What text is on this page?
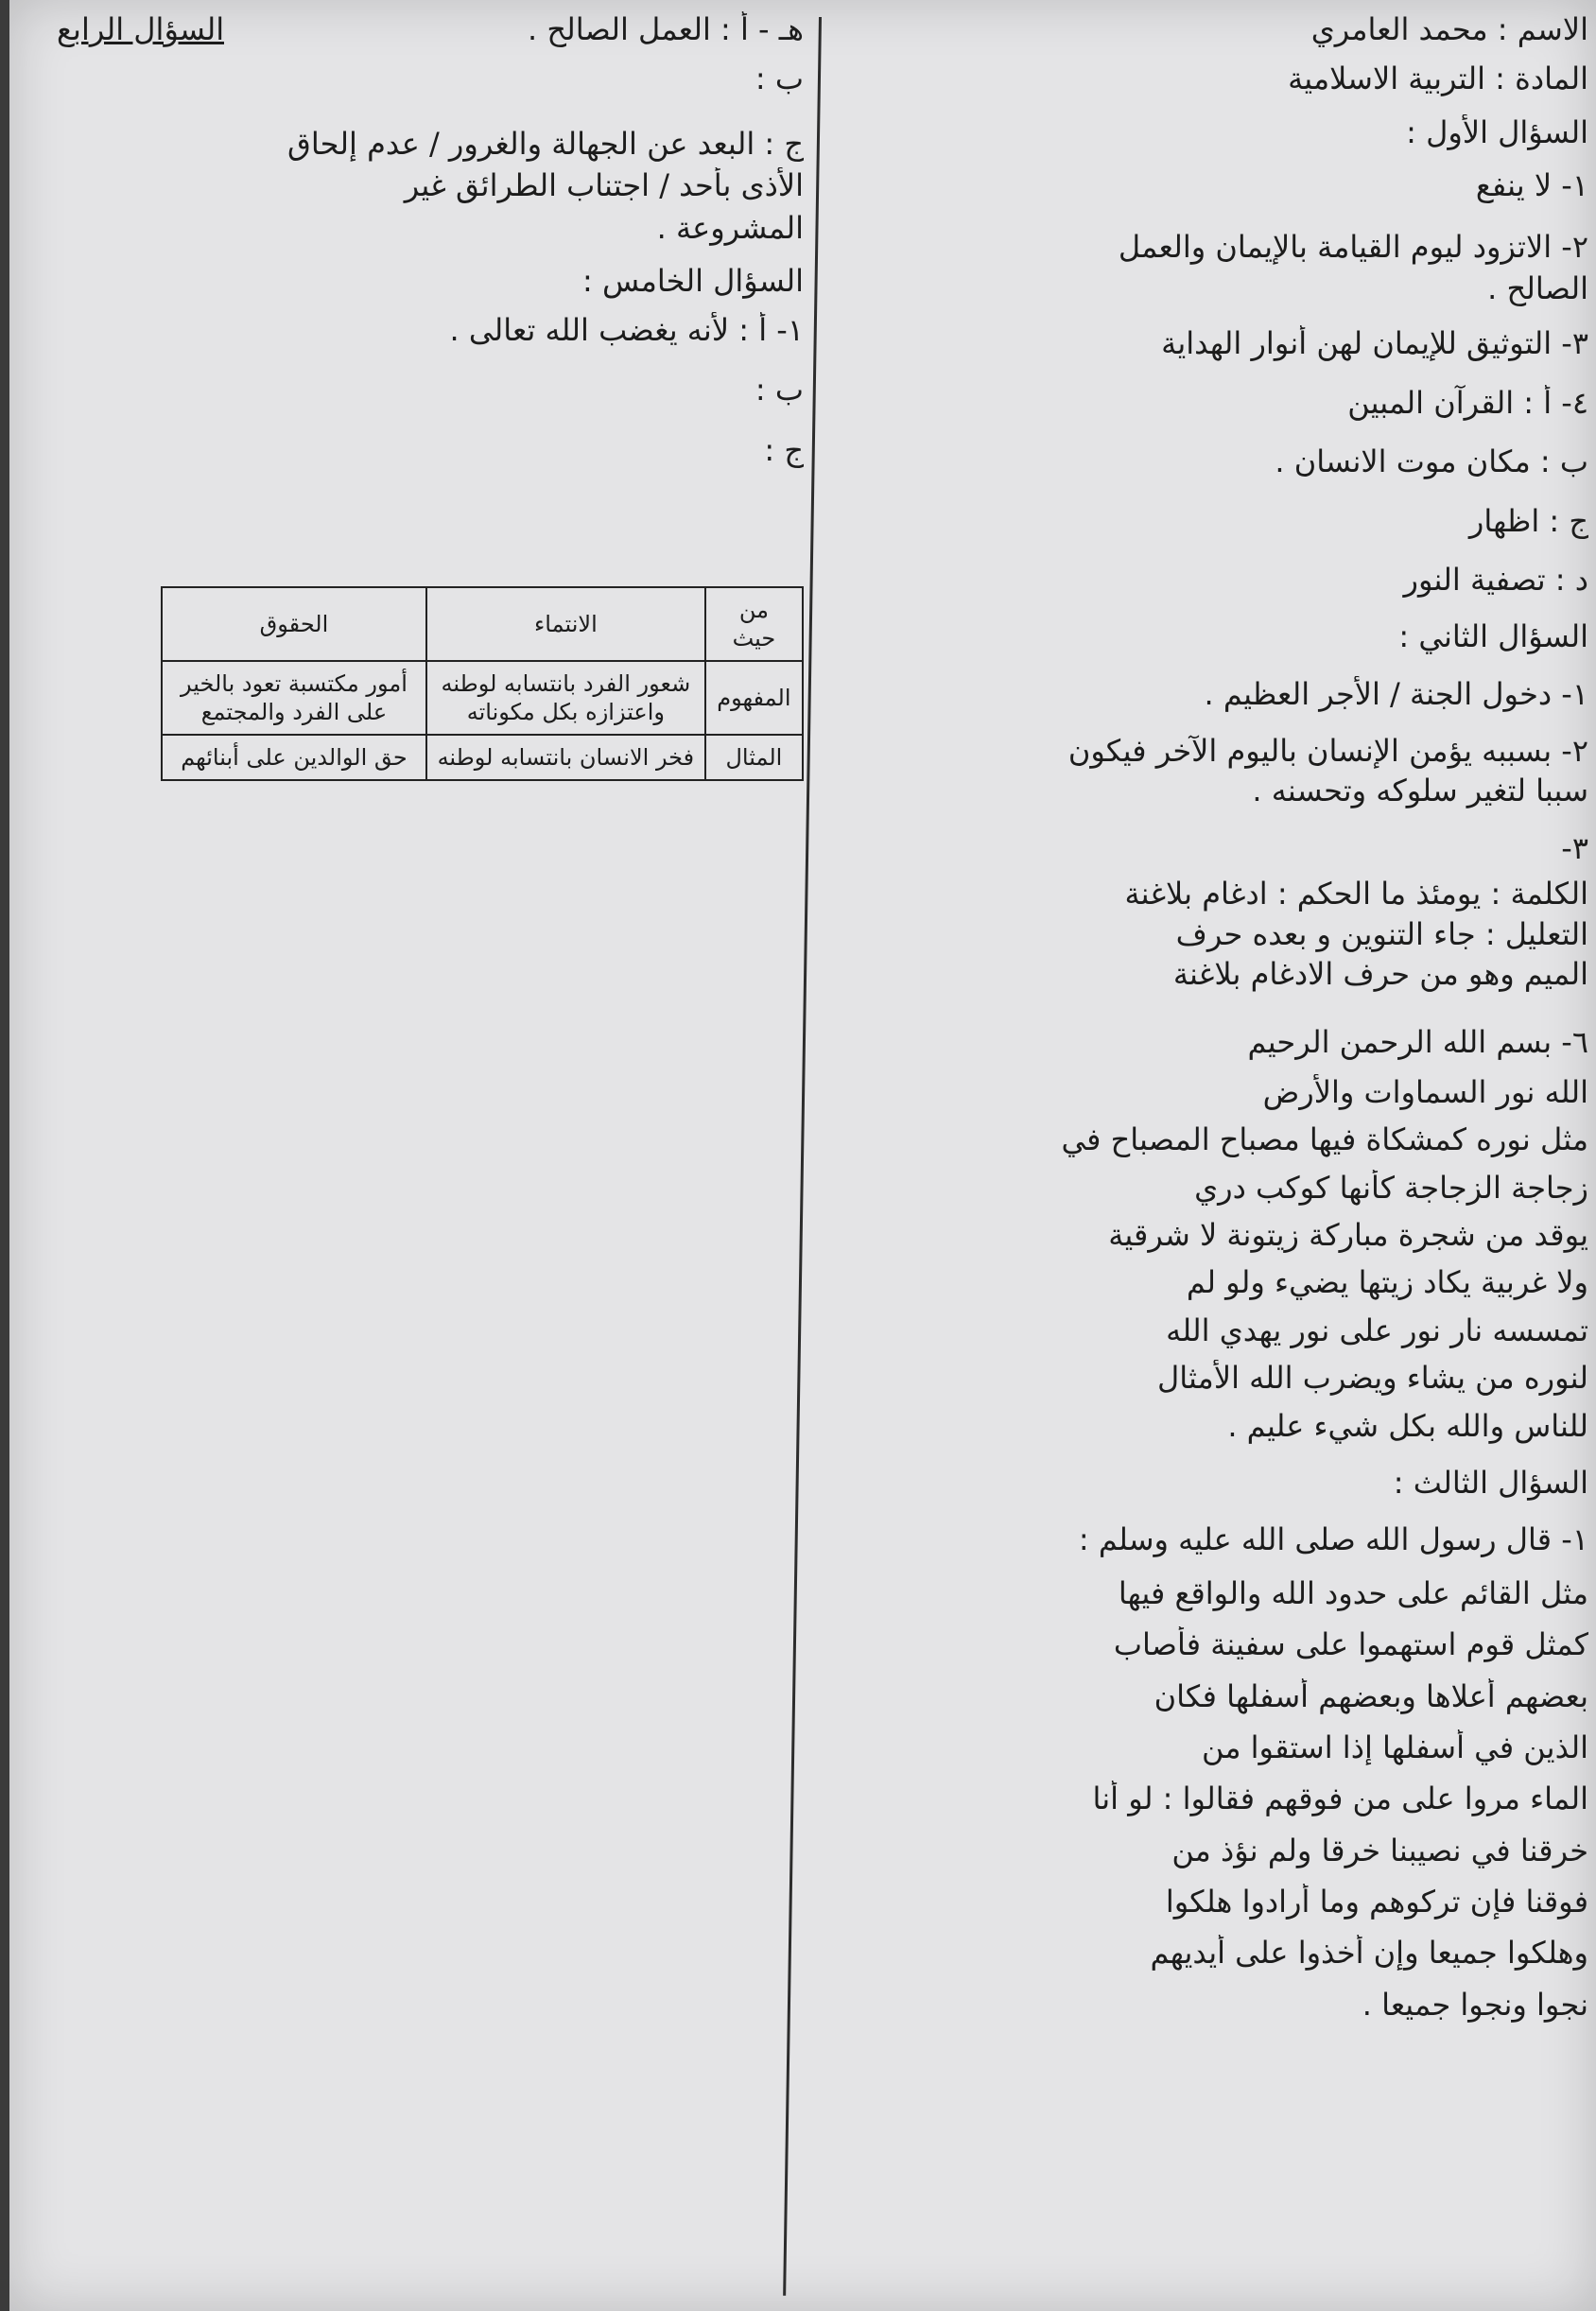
الاسم : محمد العامري
المادة : التربية الاسلامية
السؤال الأول :
١- لا ينفع
٢- الاتزود ليوم القيامة بالإيمان والعمل
الصالح .
٣- التوثيق للإيمان لهن أنوار الهداية
٤- أ : القرآن المبين
ب : مكان موت الانسان .
ج : اظهار
د : تصفية النور
السؤال الثاني :
١- دخول الجنة / الأجر العظيم .
٢- بسببه يؤمن الإنسان باليوم الآخر فيكون
سببا لتغير سلوكه وتحسنه .
٣-
الكلمة : يومئذ ما الحكم : ادغام بلاغنة
التعليل : جاء التنوين و بعده حرف
الميم وهو من حرف الادغام بلاغنة
٦- بسم الله الرحمن الرحيم
الله نور السماوات والأرض
مثل نوره كمشكاة فيها مصباح المصباح في
زجاجة الزجاجة كأنها كوكب دري
يوقد من شجرة مباركة زيتونة لا شرقية
ولا غربية يكاد زيتها يضيء ولو لم
تمسسه نار نور على نور يهدي الله
لنوره من يشاء ويضرب الله الأمثال
للناس والله بكل شيء عليم .
السؤال الثالث :
١- قال رسول الله صلى الله عليه وسلم :
مثل القائم على حدود الله والواقع فيها
كمثل قوم استهموا على سفينة فأصاب
بعضهم أعلاها وبعضهم أسفلها فكان
الذين في أسفلها إذا استقوا من
الماء مروا على من فوقهم فقالوا : لو أنا
خرقنا في نصيبنا خرقا ولم نؤذ من
فوقنا فإن تركوهم وما أرادوا هلكوا
وهلكوا جميعا وإن أخذوا على أيديهم
نجوا ونجوا جميعا .
هـ - أ : العمل الصالح .
السؤال الرابع
ب :
ج : البعد عن الجهالة والغرور / عدم إلحاق
الأذى بأحد / اجتناب الطرائق غير
المشروعة .
السؤال الخامس :
١- أ : لأنه يغضب الله تعالى .
ب :
ج :
من حيث	الانتماء	الحقوق
المفهوم	شعور الفرد بانتسابه لوطنه واعتزازه بكل مكوناته	أمور مكتسبة تعود بالخير على الفرد والمجتمع
المثال	فخر الانسان بانتسابه لوطنه	حق الوالدين على أبنائهم
